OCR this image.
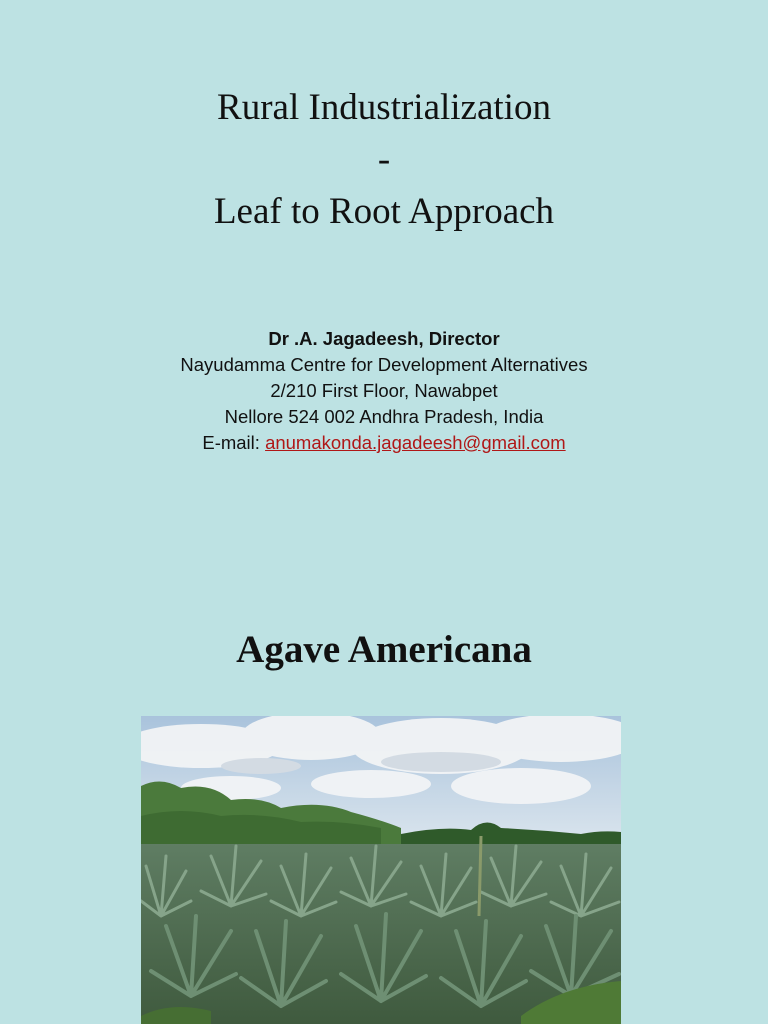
Rural Industrialization
-
Leaf to Root Approach
Dr .A. Jagadeesh, Director
Nayudamma Centre for Development Alternatives
2/210 First Floor, Nawabpet
Nellore 524 002 Andhra Pradesh, India
E-mail: anumakonda.jagadeesh@gmail.com
Agave Americana
